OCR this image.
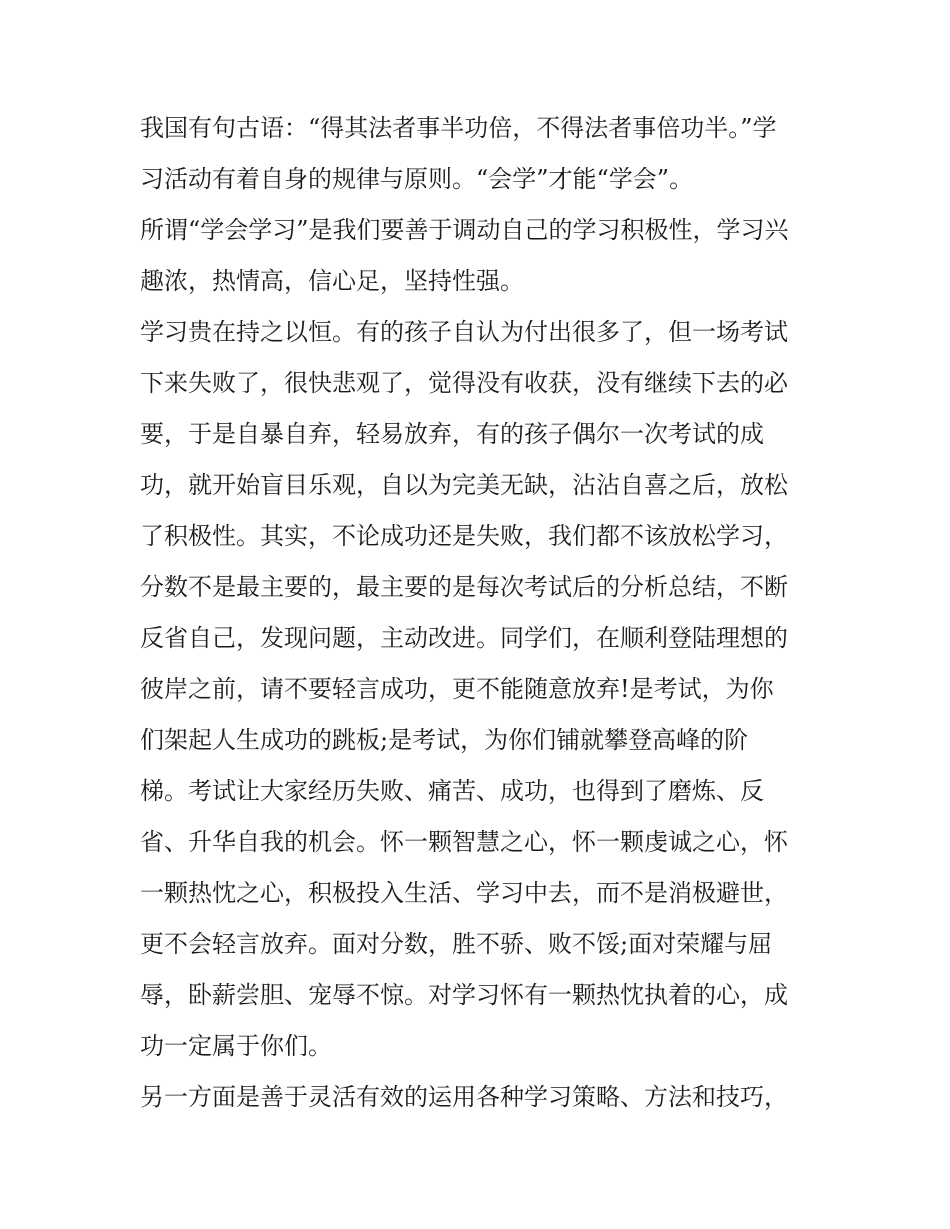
我国有句古语：“得其法者事半功倍，不得法者事倍功半。”学
习活动有着自身的规律与原则。“会学”才能“学会”。
所谓“学会学习”是我们要善于调动自己的学习积极性，学习兴
趣浓，热情高，信心足，坚持性强。
学习贵在持之以恒。有的孩子自认为付出很多了，但一场考试
下来失败了，很快悲观了，觉得没有收获，没有继续下去的必
要，于是自暴自弃，轻易放弃，有的孩子偶尔一次考试的成
功，就开始盲目乐观，自以为完美无缺，沾沾自喜之后，放松
了积极性。其实，不论成功还是失败，我们都不该放松学习，
分数不是最主要的，最主要的是每次考试后的分析总结，不断
反省自己，发现问题，主动改进。同学们，在顺利登陆理想的
彼岸之前，请不要轻言成功，更不能随意放弃!是考试，为你
们架起人生成功的跳板;是考试，为你们铺就攀登高峰的阶
梯。考试让大家经历失败、痛苦、成功，也得到了磨炼、反
省、升华自我的机会。怀一颗智慧之心，怀一颗虔诚之心，怀
一颗热忱之心，积极投入生活、学习中去，而不是消极避世，
更不会轻言放弃。面对分数，胜不骄、败不馁;面对荣耀与屈
辱，卧薪尝胆、宠辱不惊。对学习怀有一颗热忱执着的心，成
功一定属于你们。
另一方面是善于灵活有效的运用各种学习策略、方法和技巧，
